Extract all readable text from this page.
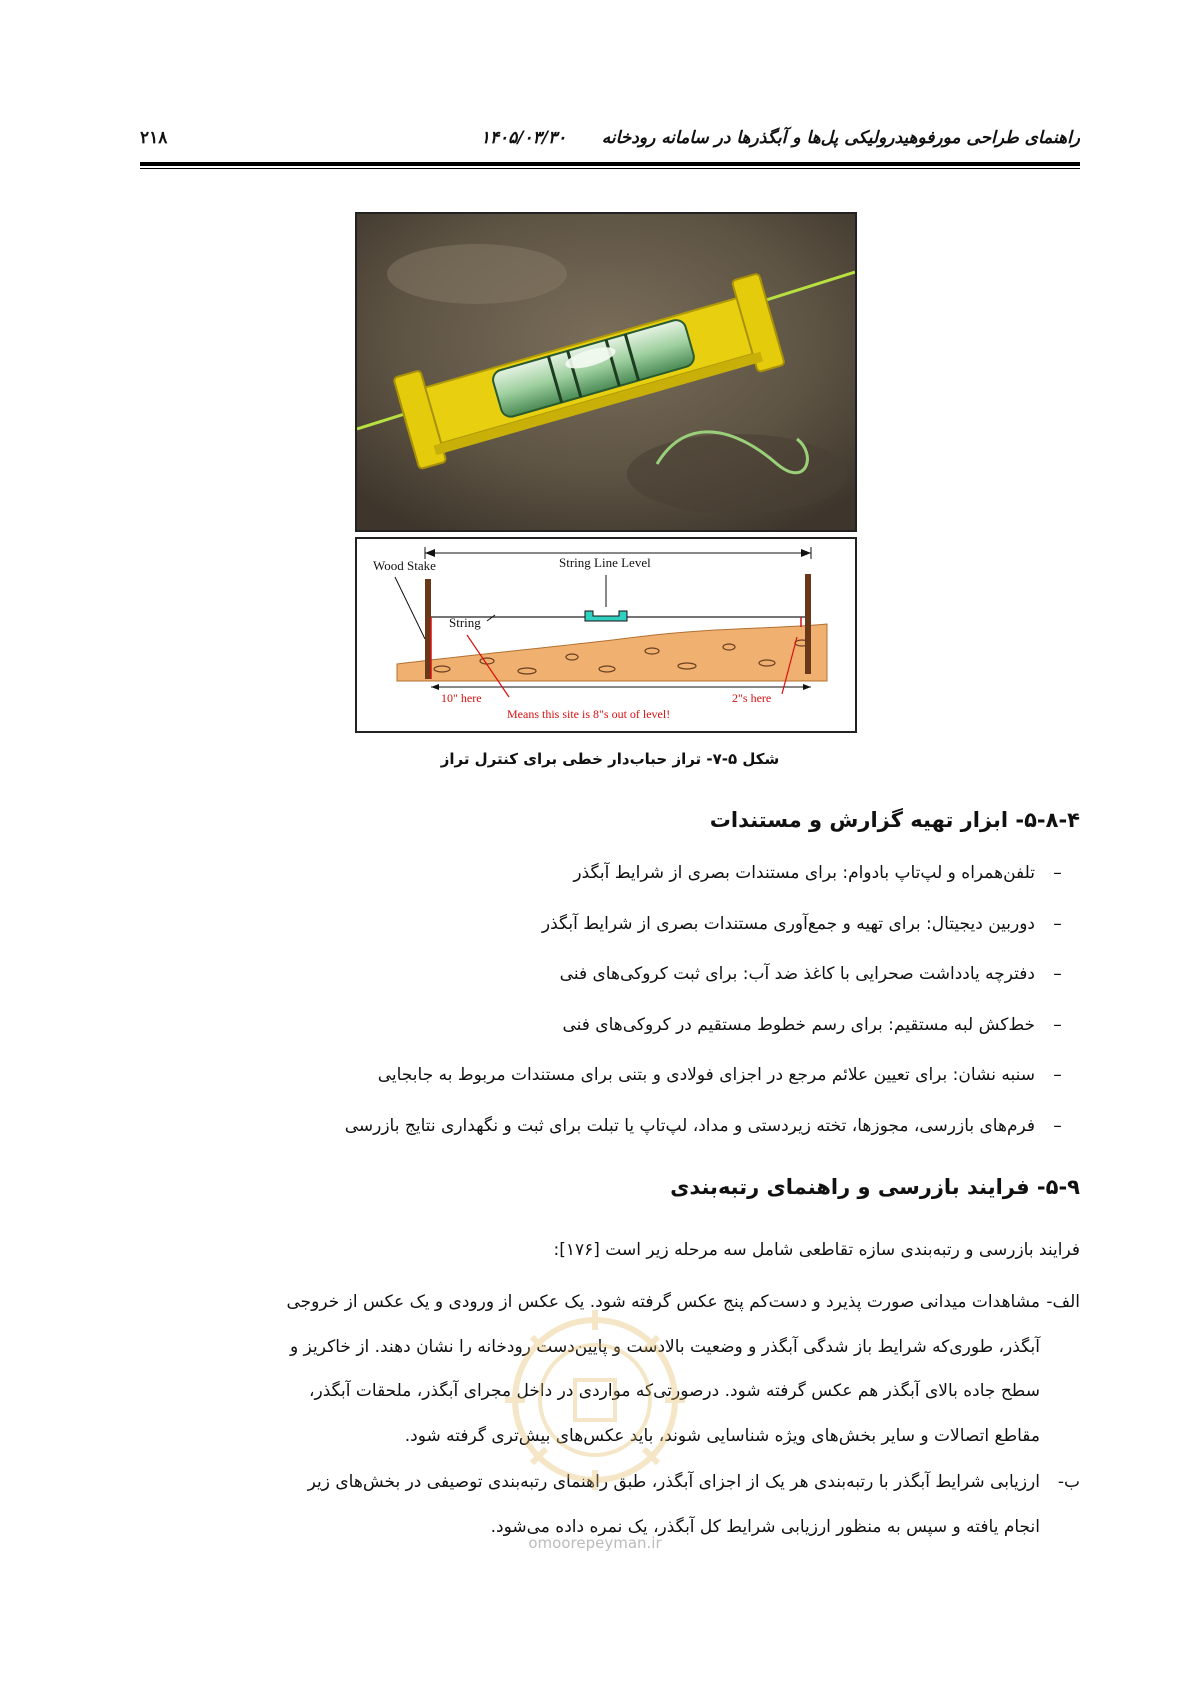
راهنمای طراحی مورفوهیدرولیکی پل‌ها و آبگذرها در سامانه رودخانه      ۱۴۰۵/۰۳/۳۰
۲۱۸
Wood Stake	String Line Level
String
10" here	2"s here
Means this site is 8"s out of level!
شکل ۵-۷- تراز حباب‌دار خطی برای کنترل تراز
۵-۸-۴- ابزار تهیه گزارش و مستندات
–تلفن‌همراه و لپ‌تاپ بادوام: برای مستندات بصری از شرایط آبگذر
–دوربین دیجیتال: برای تهیه و جمع‌آوری مستندات بصری از شرایط آبگذر
–دفترچه یادداشت صحرایی با کاغذ ضد آب: برای ثبت کروکی‌های فنی
–خط‌کش لبه مستقیم: برای رسم خطوط مستقیم در کروکی‌های فنی
–سنبه نشان: برای تعیین علائم مرجع در اجزای فولادی و بتنی برای مستندات مربوط به جابجایی
–فرم‌های بازرسی، مجوزها، تخته زیردستی و مداد، لپ‌تاپ یا تبلت برای ثبت و نگهداری نتایج بازرسی
۵-۹- فرایند بازرسی و راهنمای رتبه‌بندی
فرایند بازرسی و رتبه‌بندی سازه تقاطعی شامل سه مرحله زیر است [۱۷۶]:
الف-
مشاهدات میدانی صورت پذیرد و دست‌کم پنج عکس گرفته شود. یک عکس از ورودی و یک عکس از خروجی
آبگذر، طوری‌که شرایط باز شدگی آبگذر و وضعیت بالادست و پایین‌دست رودخانه را نشان دهند. از خاکریز و
سطح جاده بالای آبگذر هم عکس گرفته شود. درصورتی‌که مواردی در داخل مجرای آبگذر، ملحقات آبگذر،
مقاطع اتصالات و سایر بخش‌های ویژه شناسایی شوند، باید عکس‌های بیش‌تری گرفته شود.
ب-
ارزیابی شرایط آبگذر با رتبه‌بندی هر یک از اجزای آبگذر، طبق راهنمای رتبه‌بندی توصیفی در بخش‌های زیر
انجام یافته و سپس به منظور ارزیابی شرایط کل آبگذر، یک نمره داده می‌شود.
omoorepeyman.ir
